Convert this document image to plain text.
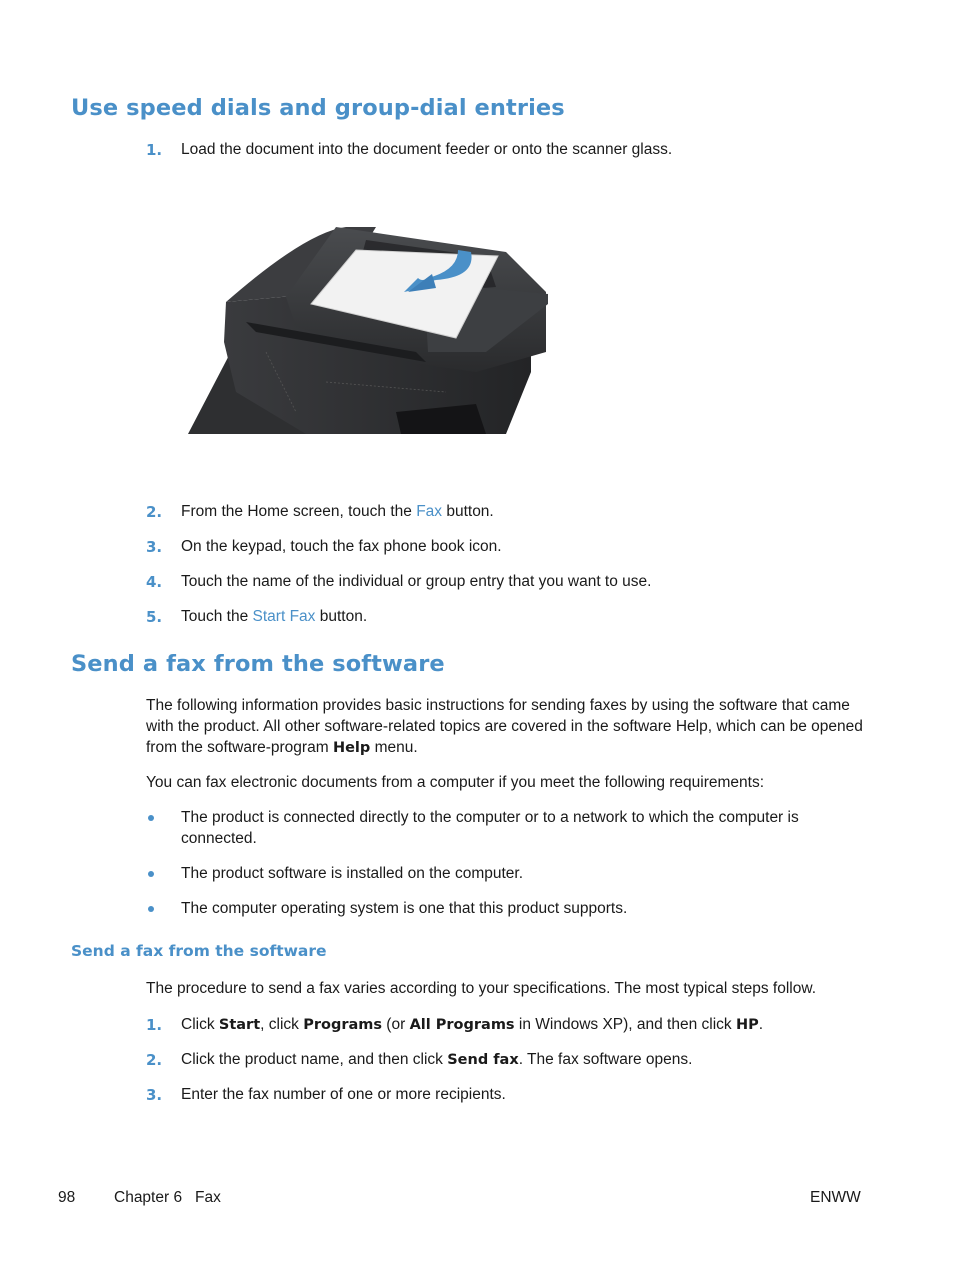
Use speed dials and group-dial entries
1. Load the document into the document feeder or onto the scanner glass.
2. From the Home screen, touch the Fax button.
3. On the keypad, touch the fax phone book icon.
4. Touch the name of the individual or group entry that you want to use.
5. Touch the Start Fax button.
Send a fax from the software
The following information provides basic instructions for sending faxes by using the software that came with the product. All other software-related topics are covered in the software Help, which can be opened from the software-program Help menu.
You can fax electronic documents from a computer if you meet the following requirements:
The product is connected directly to the computer or to a network to which the computer is connected.
The product software is installed on the computer.
The computer operating system is one that this product supports.
Send a fax from the software
The procedure to send a fax varies according to your specifications. The most typical steps follow.
1. Click Start, click Programs (or All Programs in Windows XP), and then click HP.
2. Click the product name, and then click Send fax. The fax software opens.
3. Enter the fax number of one or more recipients.
98	Chapter 6   Fax	ENWW
